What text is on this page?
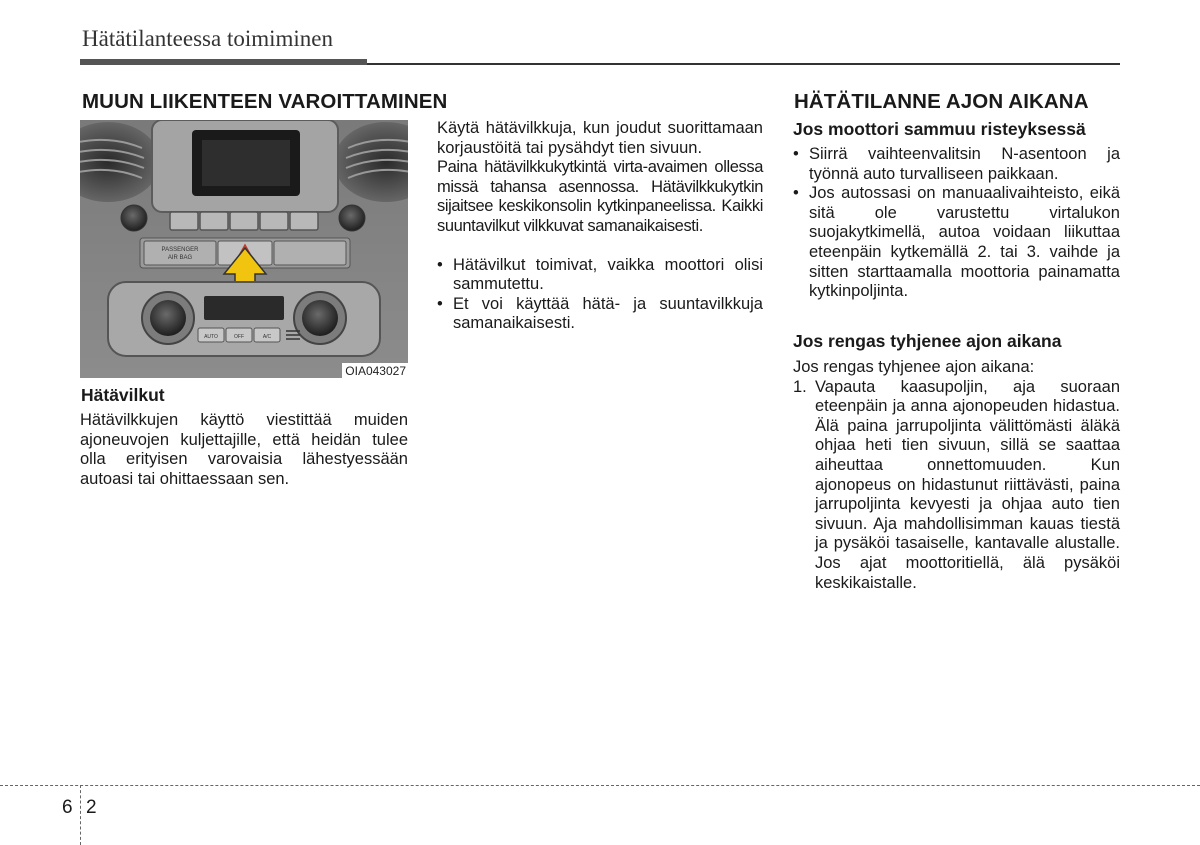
Hätätilanteessa toimiminen
MUUN LIIKENTEEN VAROITTAMINEN
PASSENGER
AIR BAG
AUTO	OFF	A/C
OIA043027
Hätävilkut

Hätävilkkujen käyttö viestittää muiden ajoneuvojen kuljettajille, että heidän tulee olla erityisen varovaisia lähestyessään autoasi tai ohittaessaan sen.

Käytä hätävilkkuja, kun joudut suorittamaan korjaustöitä tai pysähdyt tien sivuun.

Paina hätävilkkukytkintä virta-avaimen ollessa missä tahansa asennossa. Hätävilkkukytkin sijaitsee keskikonsolin kytkinpaneelissa. Kaikki suuntavilkut vilkkuvat samanaikaisesti.

• Hätävilkut toimivat, vaikka moottori olisi sammutettu.
• Et voi käyttää hätä- ja suuntavilkkuja samanaikaisesti.
HÄTÄTILANNE AJON AIKANA
Jos moottori sammuu risteyksessä
• Siirrä vaihteenvalitsin N-asentoon ja työnnä auto turvalliseen paikkaan.
• Jos autossasi on manuaalivaihteisto, eikä sitä ole varustettu virtalukon suojakytkimellä, autoa voidaan liikuttaa eteenpäin kytkemällä 2. tai 3. vaihde ja sitten starttaamalla moottoria painamatta kytkinpoljinta.
Jos rengas tyhjenee ajon aikana

Jos rengas tyhjenee ajon aikana:

1. Vapauta kaasupoljin, aja suoraan eteenpäin ja anna ajonopeuden hidastua. Älä paina jarrupoljinta välittömästi äläkä ohjaa heti tien sivuun, sillä se saattaa aiheuttaa onnettomuuden. Kun ajonopeus on hidastunut riittävästi, paina jarrupoljinta kevyesti ja ohjaa auto tien sivuun. Aja mahdollisimman kauas tiestä ja pysäköi tasaiselle, kantavalle alustalle. Jos ajat moottoritiellä, älä pysäköi keskikaistalle.
6 2
